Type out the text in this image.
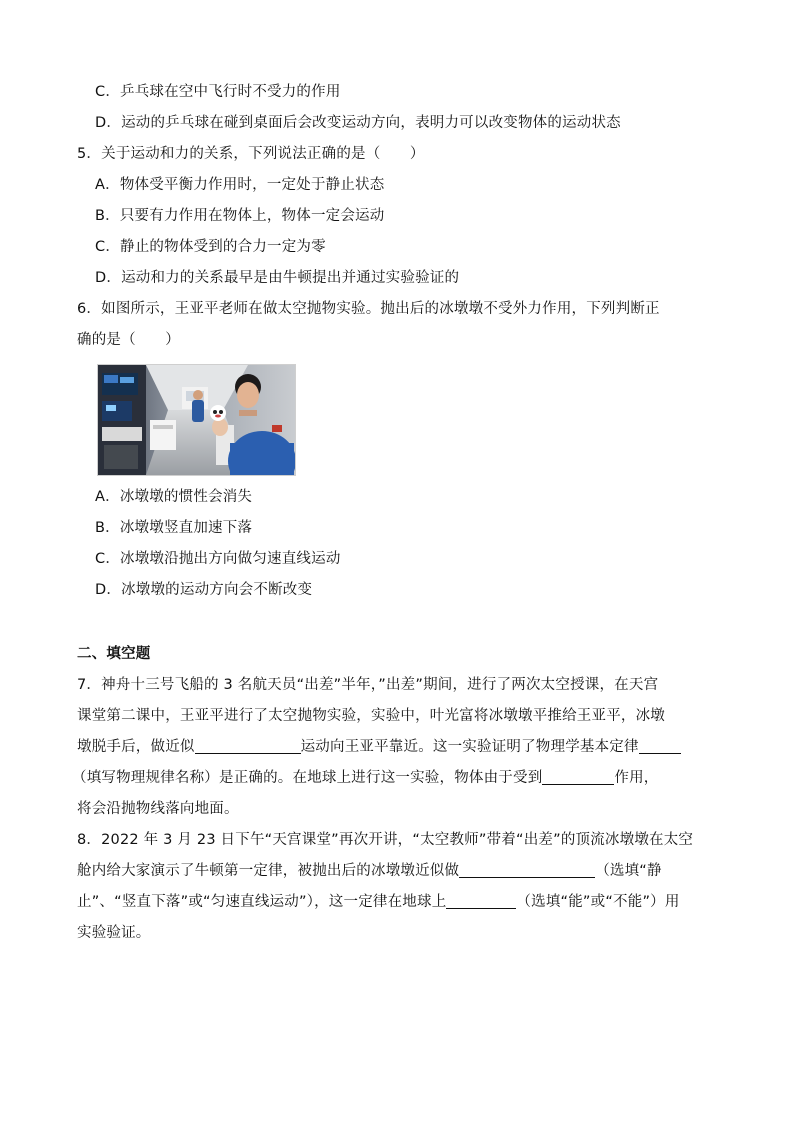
C．乒乓球在空中飞行时不受力的作用
D．运动的乒乓球在碰到桌面后会改变运动方向，表明力可以改变物体的运动状态
5．关于运动和力的关系，下列说法正确的是（　　）
A．物体受平衡力作用时，一定处于静止状态
B．只要有力作用在物体上，物体一定会运动
C．静止的物体受到的合力一定为零
D．运动和力的关系最早是由牛顿提出并通过实验验证的
6．如图所示，王亚平老师在做太空抛物实验。抛出后的冰墩墩不受外力作用，下列判断正
确的是（　　）
A．冰墩墩的惯性会消失
B．冰墩墩竖直加速下落
C．冰墩墩沿抛出方向做匀速直线运动
D．冰墩墩的运动方向会不断改变
二、填空题
7．神舟十三号飞船的 3 名航天员“出差”半年，”出差”期间，进行了两次太空授课，在天宫
课堂第二课中，王亚平进行了太空抛物实验，实验中，叶光富将冰墩墩平推给王亚平，冰墩
墩脱手后，做近似	运动向王亚平靠近。这一实验证明了物理学基本定律
（填写物理规律名称）是正确的。在地球上进行这一实验，物体由于受到	作用，
将会沿抛物线落向地面。
8．2022 年 3 月 23 日下午“天宫课堂”再次开讲，“太空教师”带着“出差”的顶流冰墩墩在太空
舱内给大家演示了牛顿第一定律，被抛出后的冰墩墩近似做	（选填“静
止”、“竖直下落”或“匀速直线运动”），这一定律在地球上	（选填“能”或“不能”）用
实验验证。
